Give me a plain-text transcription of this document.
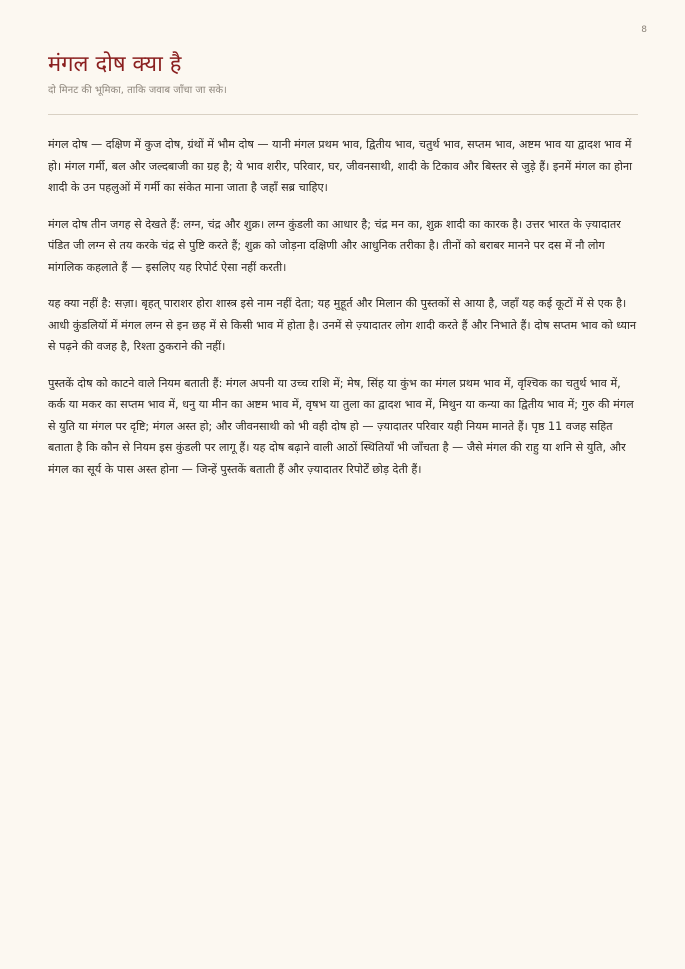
8
मंगल दोष क्या है

दो मिनट की भूमिका, ताकि जवाब जाँचा जा सके।

मंगल दोष — दक्षिण में कुज दोष, ग्रंथों में भौम दोष — यानी मंगल प्रथम भाव, द्वितीय भाव, चतुर्थ भाव, सप्तम भाव, अष्टम भाव या द्वादश भाव में हो। मंगल गर्मी, बल और जल्दबाजी का ग्रह है; ये भाव शरीर, परिवार, घर, जीवनसाथी, शादी के टिकाव और बिस्तर से जुड़े हैं। इनमें मंगल का होना शादी के उन पहलुओं में गर्मी का संकेत माना जाता है जहाँ सब्र चाहिए।

मंगल दोष तीन जगह से देखते हैं: लग्न, चंद्र और शुक्र। लग्न कुंडली का आधार है; चंद्र मन का, शुक्र शादी का कारक है। उत्तर भारत के ज़्यादातर पंडित जी लग्न से तय करके चंद्र से पुष्टि करते हैं; शुक्र को जोड़ना दक्षिणी और आधुनिक तरीका है। तीनों को बराबर मानने पर दस में नौ लोग मांगलिक कहलाते हैं — इसलिए यह रिपोर्ट ऐसा नहीं करती।

यह क्या नहीं है: सज़ा। बृहत् पाराशर होरा शास्त्र इसे नाम नहीं देता; यह मुहूर्त और मिलान की पुस्तकों से आया है, जहाँ यह कई कूटों में से एक है। आधी कुंडलियों में मंगल लग्न से इन छह में से किसी भाव में होता है। उनमें से ज़्यादातर लोग शादी करते हैं और निभाते हैं। दोष सप्तम भाव को ध्यान से पढ़ने की वजह है, रिश्ता ठुकराने की नहीं।

पुस्तकें दोष को काटने वाले नियम बताती हैं: मंगल अपनी या उच्च राशि में; मेष, सिंह या कुंभ का मंगल प्रथम भाव में, वृश्चिक का चतुर्थ भाव में, कर्क या मकर का सप्तम भाव में, धनु या मीन का अष्टम भाव में, वृषभ या तुला का द्वादश भाव में, मिथुन या कन्या का द्वितीय भाव में; गुरु की मंगल से युति या मंगल पर दृष्टि; मंगल अस्त हो; और जीवनसाथी को भी वही दोष हो — ज़्यादातर परिवार यही नियम मानते हैं। पृष्ठ 11 वजह सहित बताता है कि कौन से नियम इस कुंडली पर लागू हैं। यह दोष बढ़ाने वाली आठों स्थितियाँ भी जाँचता है — जैसे मंगल की राहु या शनि से युति, और मंगल का सूर्य के पास अस्त होना — जिन्हें पुस्तकें बताती हैं और ज़्यादातर रिपोर्टें छोड़ देती हैं।
